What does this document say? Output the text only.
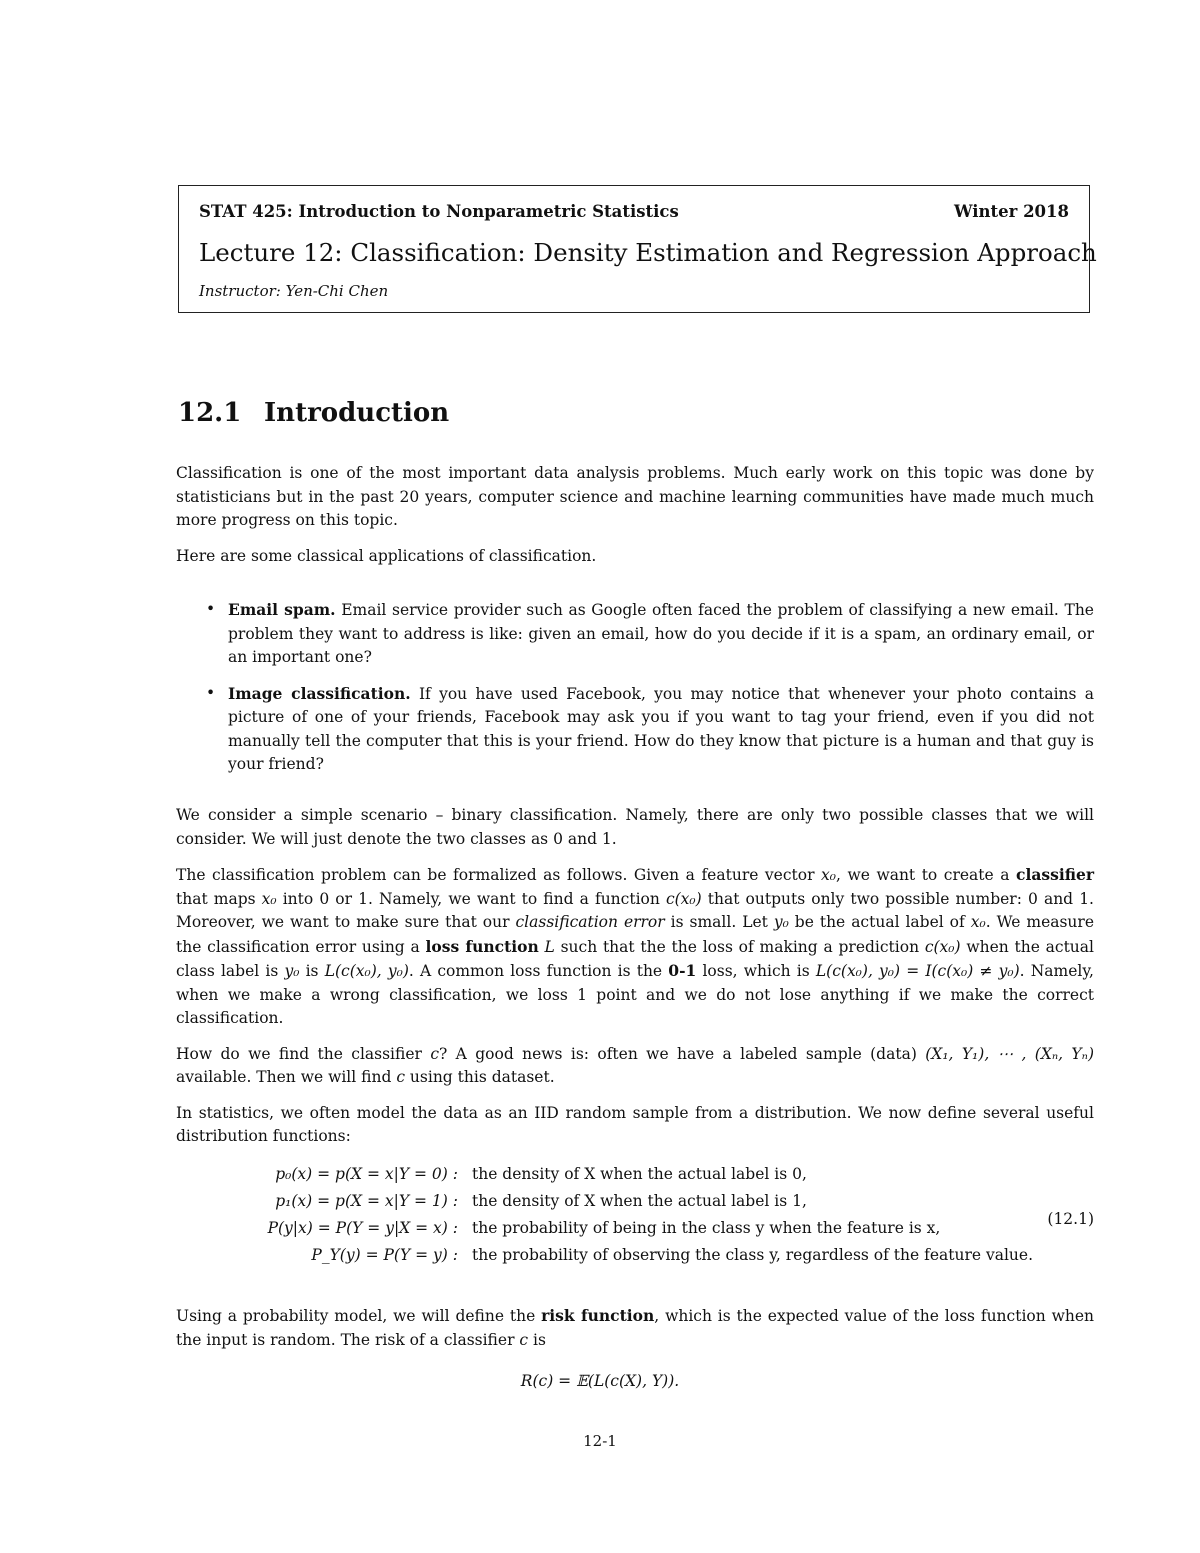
STAT 425: Introduction to Nonparametric Statistics	Winter 2018
Lecture 12: Classification: Density Estimation and Regression Approach
Instructor: Yen-Chi Chen
12.1 Introduction

Classification is one of the most important data analysis problems. Much early work on this topic was done by statisticians but in the past 20 years, computer science and machine learning communities have made much much more progress on this topic.

Here are some classical applications of classification.

• Email spam. Email service provider such as Google often faced the problem of classifying a new email. The problem they want to address is like: given an email, how do you decide if it is a spam, an ordinary email, or an important one?
• Image classification. If you have used Facebook, you may notice that whenever your photo contains a picture of one of your friends, Facebook may ask you if you want to tag your friend, even if you did not manually tell the computer that this is your friend. How do they know that picture is a human and that guy is your friend?

We consider a simple scenario – binary classification. Namely, there are only two possible classes that we will consider. We will just denote the two classes as 0 and 1.

The classification problem can be formalized as follows. Given a feature vector x₀, we want to create a classifier that maps x₀ into 0 or 1. Namely, we want to find a function c(x₀) that outputs only two possible number: 0 and 1. Moreover, we want to make sure that our classification error is small. Let y₀ be the actual label of x₀. We measure the classification error using a loss function L such that the the loss of making a prediction c(x₀) when the actual class label is y₀ is L(c(x₀), y₀). A common loss function is the 0-1 loss, which is L(c(x₀), y₀) = I(c(x₀) ≠ y₀). Namely, when we make a wrong classification, we loss 1 point and we do not lose anything if we make the correct classification.

How do we find the classifier c? A good news is: often we have a labeled sample (data) (X₁, Y₁), ⋯ , (Xₙ, Yₙ) available. Then we will find c using this dataset.

In statistics, we often model the data as an IID random sample from a distribution. We now define several useful distribution functions:

p₀(x) = p(X = x|Y = 0) : the density of X when the actual label is 0,
p₁(x) = p(X = x|Y = 1) : the density of X when the actual label is 1,
P(y|x) = P(Y = y|X = x) : the probability of being in the class y when the feature is x,
P_Y(y) = P(Y = y) : the probability of observing the class y, regardless of the feature value.
(12.1)

Using a probability model, we will define the risk function, which is the expected value of the loss function when the input is random. The risk of a classifier c is

R(c) = 𝔼(L(c(X), Y)).
12-1
